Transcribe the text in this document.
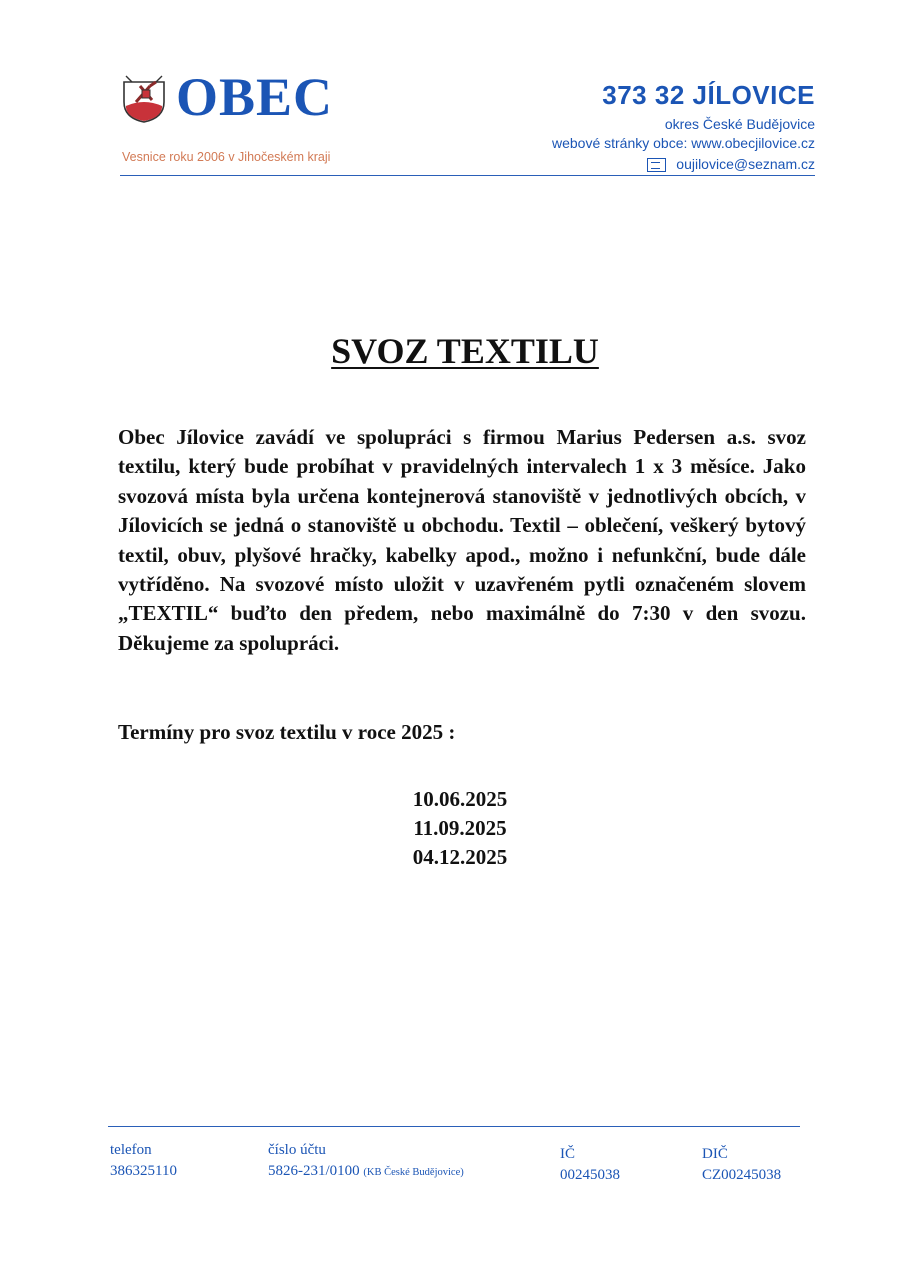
OBEC
Vesnice roku 2006 v Jihočeském kraji
373 32 JÍLOVICE
okres České Budějovice
webové stránky obce: www.obecjilovice.cz
oujilovice@seznam.cz
SVOZ TEXTILU

Obec Jílovice zavádí ve spolupráci s firmou Marius Pedersen a.s. svoz textilu, který bude probíhat v pravidelných intervalech 1 x 3 měsíce. Jako svozová místa byla určena kontejnerová stanoviště v jednotlivých obcích, v Jílovicích se jedná o stanoviště u obchodu. Textil – oblečení, veškerý bytový textil, obuv, plyšové hračky, kabelky apod., možno i nefunkční, bude dále vytříděno. Na svozové místo uložit v uzavřeném pytli označeném slovem „TEXTIL“ buďto den předem, nebo maximálně do 7:30 v den svozu. Děkujeme za spolupráci.

Termíny pro svoz textilu v roce 2025 :
10.06.2025
11.09.2025
04.12.2025
telefon
386325110
číslo účtu
5826-231/0100 (KB České Budějovice)
IČ
00245038
DIČ
CZ00245038
